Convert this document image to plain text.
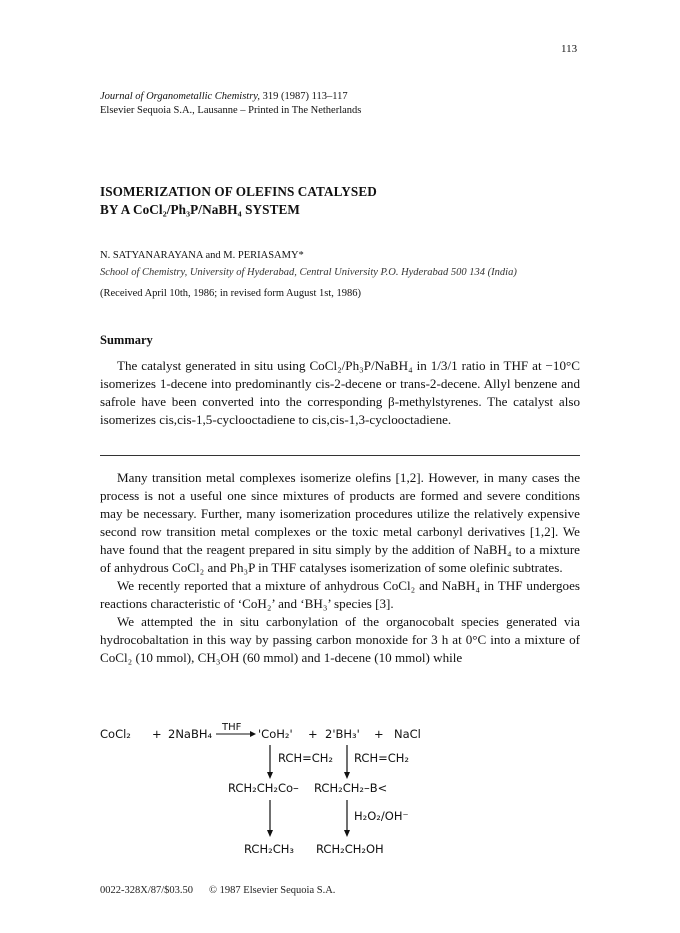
113
Journal of Organometallic Chemistry, 319 (1987) 113–117
Elsevier Sequoia S.A., Lausanne – Printed in The Netherlands
ISOMERIZATION OF OLEFINS CATALYSED
BY A CoCl₂/Ph₃P/NaBH₄ SYSTEM
N. SATYANARAYANA and M. PERIASAMY*
School of Chemistry, University of Hyderabad, Central University P.O. Hyderabad 500 134 (India)
(Received April 10th, 1986; in revised form August 1st, 1986)
Summary

The catalyst generated in situ using CoCl₂/Ph₃P/NaBH₄ in 1/3/1 ratio in THF at −10°C isomerizes 1-decene into predominantly cis-2-decene or trans-2-decene. Allyl benzene and safrole have been converted into the corresponding β-methylstyrenes. The catalyst also isomerizes cis,cis-1,5-cyclooctadiene to cis,cis-1,3-cyclooctadiene.

Many transition metal complexes isomerize olefins [1,2]. However, in many cases the process is not a useful one since mixtures of products are formed and severe conditions may be necessary. Further, many isomerization procedures utilize the relatively expensive second row transition metal complexes or the toxic metal carbonyl derivatives [1,2]. We have found that the reagent prepared in situ simply by the addition of NaBH₄ to a mixture of anhydrous CoCl₂ and Ph₃P in THF catalyses isomerization of some olefinic subtrates.

We recently reported that a mixture of anhydrous CoCl₂ and NaBH₄ in THF undergoes reactions characteristic of ‘CoH₂’ and ‘BH₃’ species [3].

We attempted the in situ carbonylation of the organocobalt species generated via hydrocobaltation in this way by passing carbon monoxide for 3 h at 0°C into a mixture of CoCl₂ (10 mmol), CH₃OH (60 mmol) and 1-decene (10 mmol) while

CoCl₂ + 2NaBH₄ THF 'CoH₂' + 2'BH₃' + NaCl
RCH=CH₂ RCH=CH₂
RCH₂CH₂Co– RCH₂CH₂–B<
H₂O₂/OH⁻
RCH₂CH₃ RCH₂CH₂OH
0022-328X/87/$03.50 © 1987 Elsevier Sequoia S.A.
